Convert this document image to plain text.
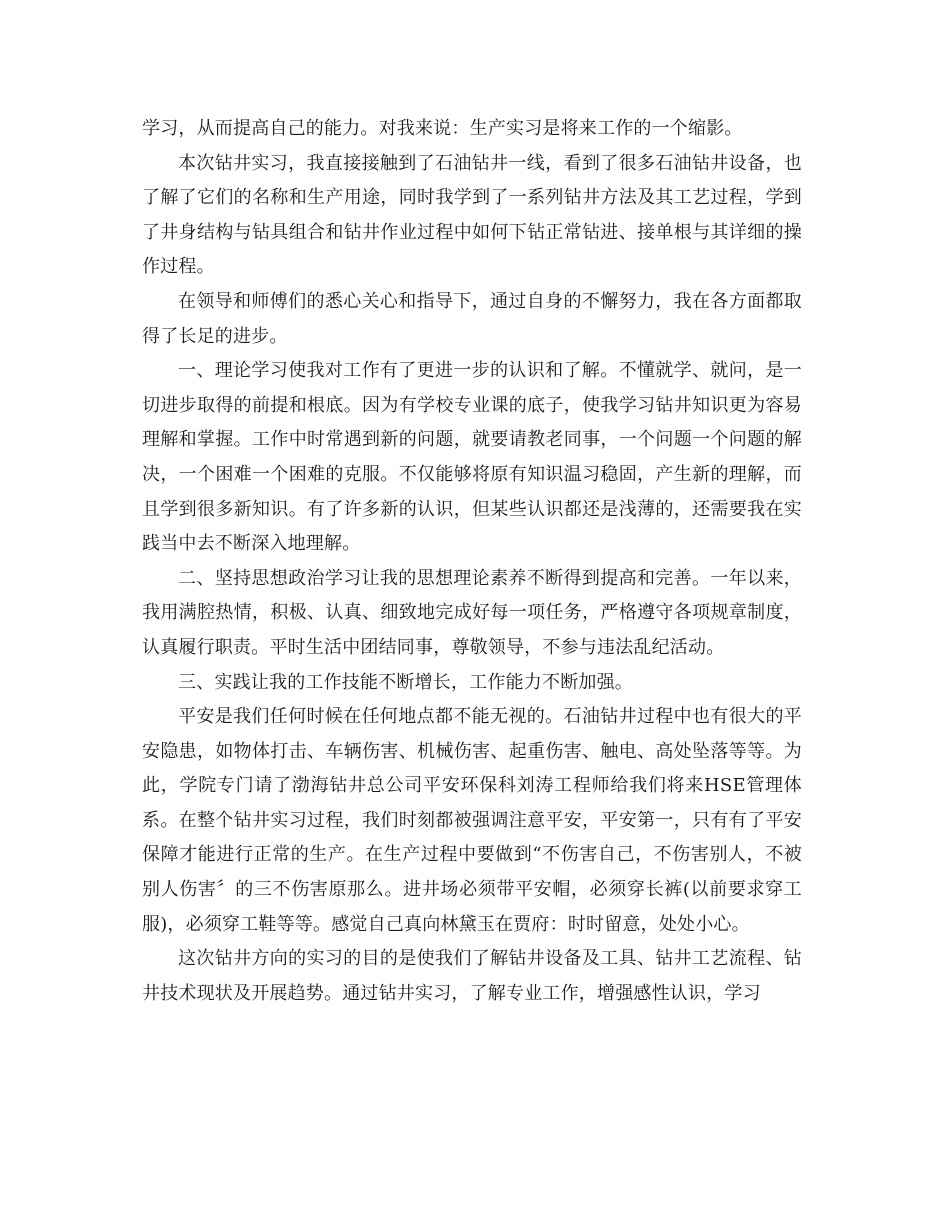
学习，从而提高自己的能力。对我来说：生产实习是将来工作的一个缩影。

本次钻井实习，我直接接触到了石油钻井一线，看到了很多石油钻井设备，也了解了它们的名称和生产用途，同时我学到了一系列钻井方法及其工艺过程，学到了井身结构与钻具组合和钻井作业过程中如何下钻正常钻进、接单根与其详细的操作过程。

在领导和师傅们的悉心关心和指导下，通过自身的不懈努力，我在各方面都取得了长足的进步。

一、理论学习使我对工作有了更进一步的认识和了解。不懂就学、就问，是一切进步取得的前提和根底。因为有学校专业课的底子，使我学习钻井知识更为容易理解和掌握。工作中时常遇到新的问题，就要请教老同事，一个问题一个问题的解决，一个困难一个困难的克服。不仅能够将原有知识温习稳固，产生新的理解，而且学到很多新知识。有了许多新的认识，但某些认识都还是浅薄的，还需要我在实践当中去不断深入地理解。

二、坚持思想政治学习让我的思想理论素养不断得到提高和完善。一年以来，我用满腔热情，积极、认真、细致地完成好每一项任务，严格遵守各项规章制度，认真履行职责。平时生活中团结同事，尊敬领导，不参与违法乱纪活动。

三、实践让我的工作技能不断增长，工作能力不断加强。

平安是我们任何时候在任何地点都不能无视的。石油钻井过程中也有很大的平安隐患，如物体打击、车辆伤害、机械伤害、起重伤害、触电、高处坠落等等。为此，学院专门请了渤海钻井总公司平安环保科刘涛工程师给我们将来HSE管理体系。在整个钻井实习过程，我们时刻都被强调注意平安，平安第一，只有有了平安保障才能进行正常的生产。在生产过程中要做到“不伤害自己，不伤害别人，不被别人伤害〞的三不伤害原那么。进井场必须带平安帽，必须穿长裤(以前要求穿工服)，必须穿工鞋等等。感觉自己真向林黛玉在贾府：时时留意，处处小心。

这次钻井方向的实习的目的是使我们了解钻井设备及工具、钻井工艺流程、钻井技术现状及开展趋势。通过钻井实习，了解专业工作，增强感性认识，学习
